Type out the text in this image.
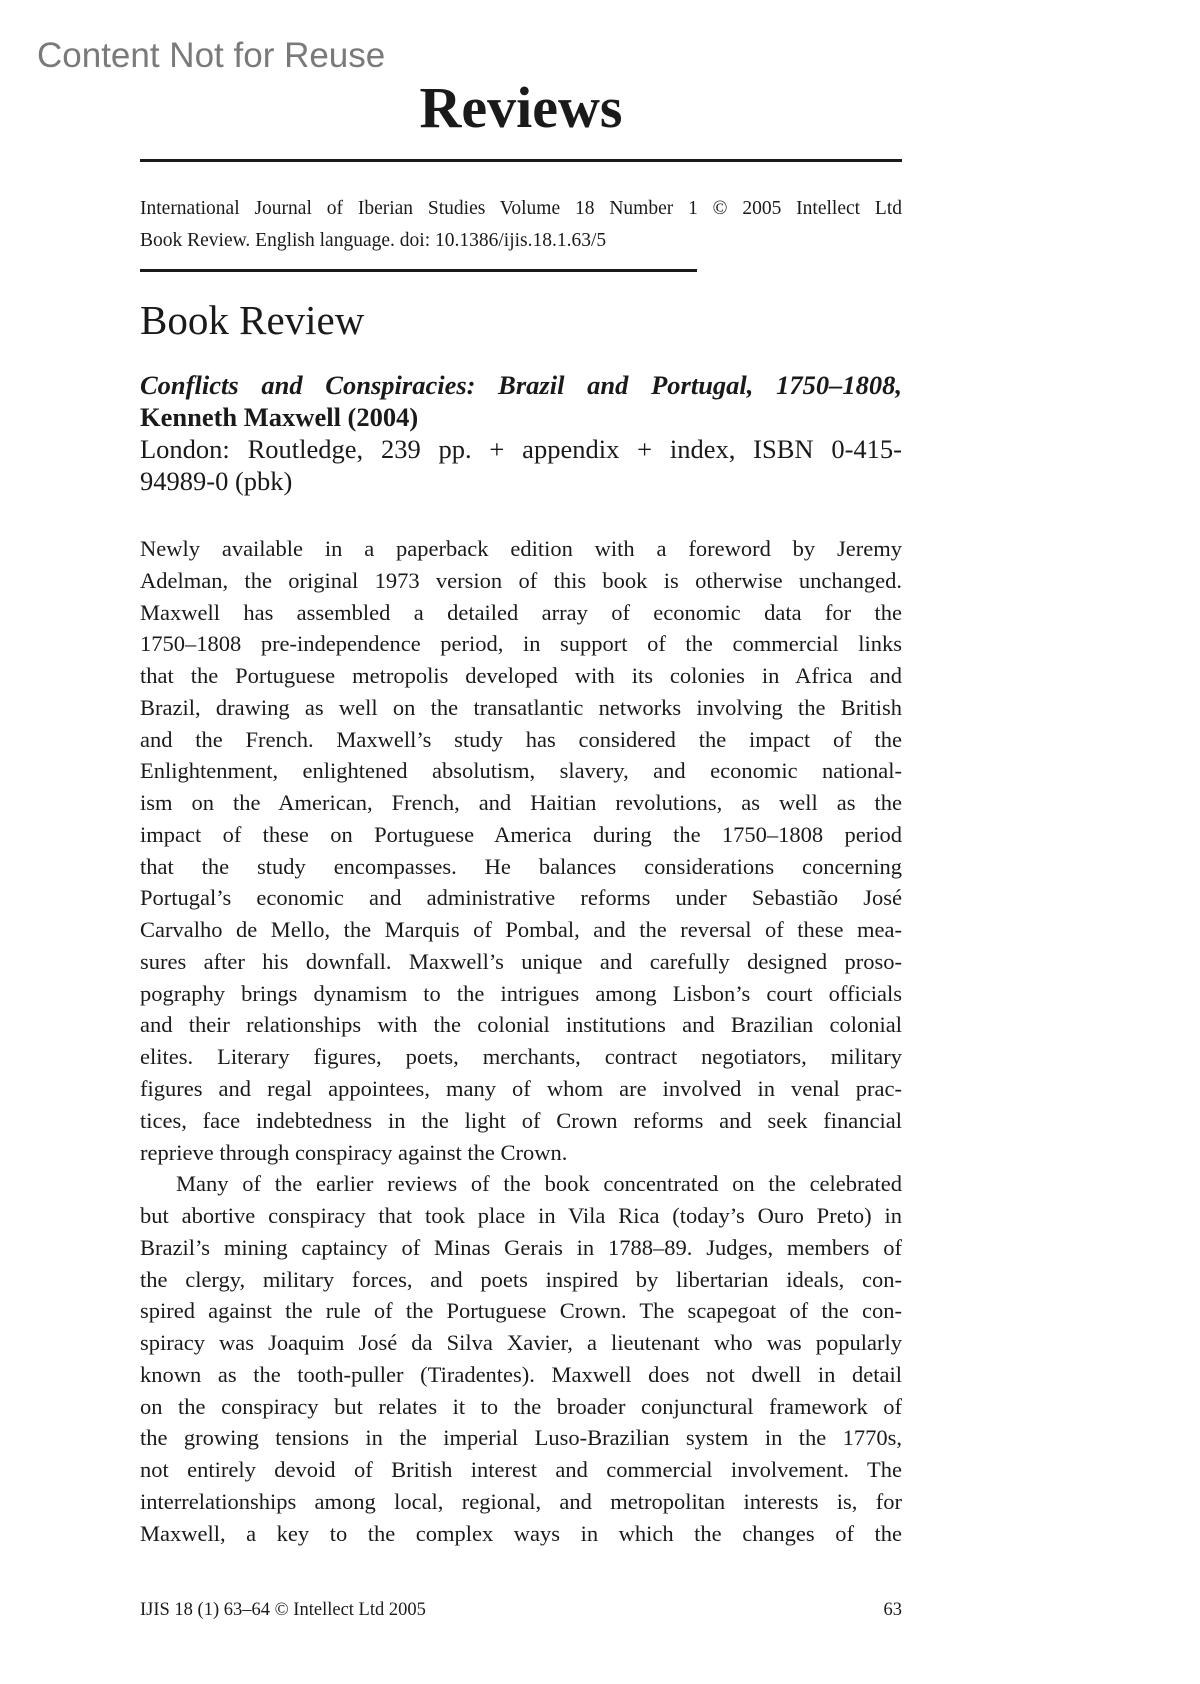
Content Not for Reuse
Reviews
International Journal of Iberian Studies Volume 18 Number 1 © 2005 Intellect Ltd
Book Review. English language. doi: 10.1386/ijis.18.1.63/5
Book Review
Conflicts and Conspiracies: Brazil and Portugal, 1750–1808,
Kenneth Maxwell (2004)
London: Routledge, 239 pp. + appendix + index, ISBN 0-415-
94989-0 (pbk)
Newly available in a paperback edition with a foreword by Jeremy
Adelman, the original 1973 version of this book is otherwise unchanged.
Maxwell has assembled a detailed array of economic data for the
1750–1808 pre-independence period, in support of the commercial links
that the Portuguese metropolis developed with its colonies in Africa and
Brazil, drawing as well on the transatlantic networks involving the British
and the French. Maxwell’s study has considered the impact of the
Enlightenment, enlightened absolutism, slavery, and economic national-
ism on the American, French, and Haitian revolutions, as well as the
impact of these on Portuguese America during the 1750–1808 period
that the study encompasses. He balances considerations concerning
Portugal’s economic and administrative reforms under Sebastião José
Carvalho de Mello, the Marquis of Pombal, and the reversal of these mea-
sures after his downfall. Maxwell’s unique and carefully designed proso-
pography brings dynamism to the intrigues among Lisbon’s court officials
and their relationships with the colonial institutions and Brazilian colonial
elites. Literary figures, poets, merchants, contract negotiators, military
figures and regal appointees, many of whom are involved in venal prac-
tices, face indebtedness in the light of Crown reforms and seek financial
reprieve through conspiracy against the Crown.
Many of the earlier reviews of the book concentrated on the celebrated
but abortive conspiracy that took place in Vila Rica (today’s Ouro Preto) in
Brazil’s mining captaincy of Minas Gerais in 1788–89. Judges, members of
the clergy, military forces, and poets inspired by libertarian ideals, con-
spired against the rule of the Portuguese Crown. The scapegoat of the con-
spiracy was Joaquim José da Silva Xavier, a lieutenant who was popularly
known as the tooth-puller (Tiradentes). Maxwell does not dwell in detail
on the conspiracy but relates it to the broader conjunctural framework of
the growing tensions in the imperial Luso-Brazilian system in the 1770s,
not entirely devoid of British interest and commercial involvement. The
interrelationships among local, regional, and metropolitan interests is, for
Maxwell, a key to the complex ways in which the changes of the
IJIS 18 (1) 63–64 © Intellect Ltd 2005	63
